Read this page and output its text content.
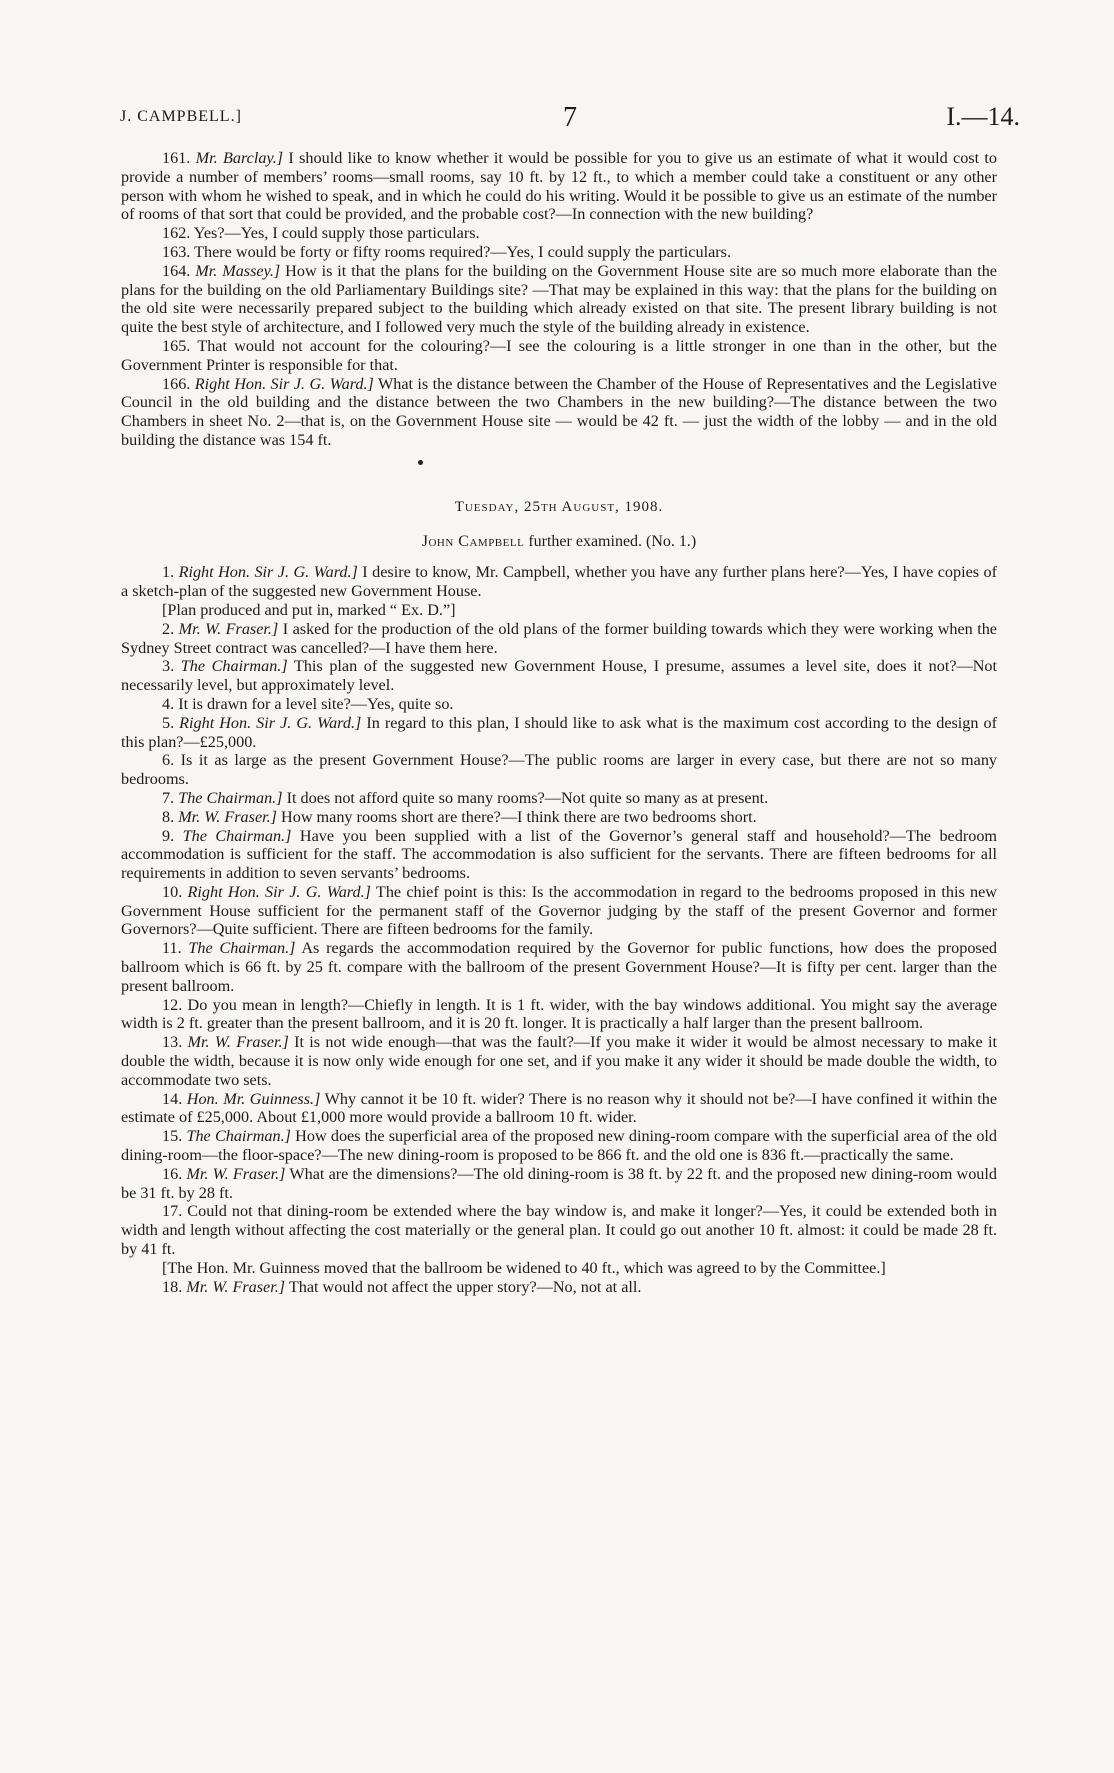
J. CAMPBELL.]	7	I.—14.

161. Mr. Barclay.] I should like to know whether it would be possible for you to give us an estimate of what it would cost to provide a number of members’ rooms—small rooms, say 10 ft. by 12 ft., to which a member could take a constituent or any other person with whom he wished to speak, and in which he could do his writing. Would it be possible to give us an estimate of the number of rooms of that sort that could be provided, and the probable cost?—In connection with the new building?

162. Yes?—Yes, I could supply those particulars.

163. There would be forty or fifty rooms required?—Yes, I could supply the particulars.

164. Mr. Massey.] How is it that the plans for the building on the Government House site are so much more elaborate than the plans for the building on the old Parliamentary Buildings site? —That may be explained in this way: that the plans for the building on the old site were necessarily prepared subject to the building which already existed on that site. The present library building is not quite the best style of architecture, and I followed very much the style of the building already in existence.

165. That would not account for the colouring?—I see the colouring is a little stronger in one than in the other, but the Government Printer is responsible for that.

166. Right Hon. Sir J. G. Ward.] What is the distance between the Chamber of the House of Representatives and the Legislative Council in the old building and the distance between the two Chambers in the new building?—The distance between the two Chambers in sheet No. 2—that is, on the Government House site — would be 42 ft. — just the width of the lobby — and in the old building the distance was 154 ft.

Tuesday, 25th August, 1908.

John Campbell further examined. (No. 1.)

1. Right Hon. Sir J. G. Ward.] I desire to know, Mr. Campbell, whether you have any further plans here?—Yes, I have copies of a sketch-plan of the suggested new Government House.

[Plan produced and put in, marked “ Ex. D.”]

2. Mr. W. Fraser.] I asked for the production of the old plans of the former building towards which they were working when the Sydney Street contract was cancelled?—I have them here.

3. The Chairman.] This plan of the suggested new Government House, I presume, assumes a level site, does it not?—Not necessarily level, but approximately level.

4. It is drawn for a level site?—Yes, quite so.

5. Right Hon. Sir J. G. Ward.] In regard to this plan, I should like to ask what is the maximum cost according to the design of this plan?—£25,000.

6. Is it as large as the present Government House?—The public rooms are larger in every case, but there are not so many bedrooms.

7. The Chairman.] It does not afford quite so many rooms?—Not quite so many as at present.

8. Mr. W. Fraser.] How many rooms short are there?—I think there are two bedrooms short.

9. The Chairman.] Have you been supplied with a list of the Governor’s general staff and household?—The bedroom accommodation is sufficient for the staff. The accommodation is also sufficient for the servants. There are fifteen bedrooms for all requirements in addition to seven servants’ bedrooms.

10. Right Hon. Sir J. G. Ward.] The chief point is this: Is the accommodation in regard to the bedrooms proposed in this new Government House sufficient for the permanent staff of the Governor judging by the staff of the present Governor and former Governors?—Quite sufficient. There are fifteen bedrooms for the family.

11. The Chairman.] As regards the accommodation required by the Governor for public functions, how does the proposed ballroom which is 66 ft. by 25 ft. compare with the ballroom of the present Government House?—It is fifty per cent. larger than the present ballroom.

12. Do you mean in length?—Chiefly in length. It is 1 ft. wider, with the bay windows additional. You might say the average width is 2 ft. greater than the present ballroom, and it is 20 ft. longer. It is practically a half larger than the present ballroom.

13. Mr. W. Fraser.] It is not wide enough—that was the fault?—If you make it wider it would be almost necessary to make it double the width, because it is now only wide enough for one set, and if you make it any wider it should be made double the width, to accommodate two sets.

14. Hon. Mr. Guinness.] Why cannot it be 10 ft. wider? There is no reason why it should not be?—I have confined it within the estimate of £25,000. About £1,000 more would provide a ballroom 10 ft. wider.

15. The Chairman.] How does the superficial area of the proposed new dining-room compare with the superficial area of the old dining-room—the floor-space?—The new dining-room is proposed to be 866 ft. and the old one is 836 ft.—practically the same.

16. Mr. W. Fraser.] What are the dimensions?—The old dining-room is 38 ft. by 22 ft. and the proposed new dining-room would be 31 ft. by 28 ft.

17. Could not that dining-room be extended where the bay window is, and make it longer?—Yes, it could be extended both in width and length without affecting the cost materially or the general plan. It could go out another 10 ft. almost: it could be made 28 ft. by 41 ft.

[The Hon. Mr. Guinness moved that the ballroom be widened to 40 ft., which was agreed to by the Committee.]

18. Mr. W. Fraser.] That would not affect the upper story?—No, not at all.
